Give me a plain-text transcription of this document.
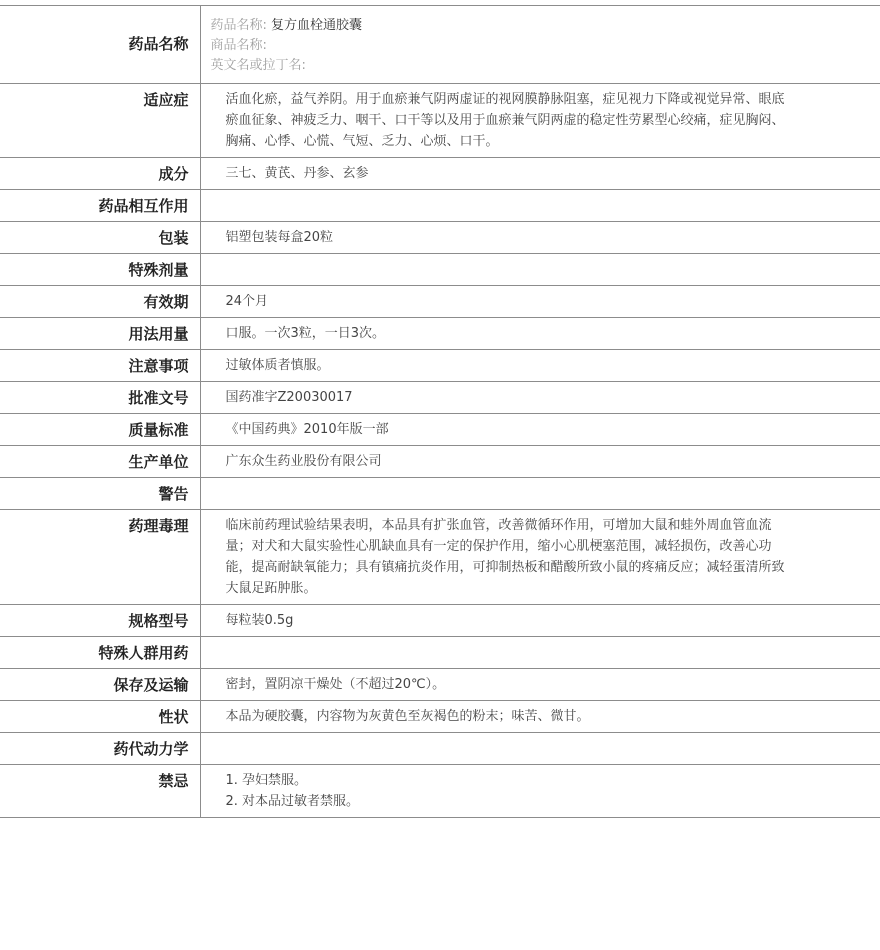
药品名称	药品名称: 复方血栓通胶囊
商品名称:
英文名或拉丁名:

适应症	活血化瘀，益气养阴。用于血瘀兼气阴两虚证的视网膜静脉阻塞，症见视力下降或视觉异常、眼底瘀血征象、神疲乏力、咽干、口干等以及用于血瘀兼气阴两虚的稳定性劳累型心绞痛，症见胸闷、胸痛、心悸、心慌、气短、乏力、心烦、口干。
成分	三七、黄芪、丹参、玄参
药品相互作用	
包装	铝塑包装每盒20粒
特殊剂量	
有效期	24个月
用法用量	口服。一次3粒，一日3次。
注意事项	过敏体质者慎服。
批准文号	国药准字Z20030017
质量标准	《中国药典》2010年版一部
生产单位	广东众生药业股份有限公司
警告	
药理毒理	临床前药理试验结果表明，本品具有扩张血管，改善微循环作用，可增加大鼠和蛙外周血管血流量；对犬和大鼠实验性心肌缺血具有一定的保护作用，缩小心肌梗塞范围，减轻损伤，改善心功能，提高耐缺氧能力；具有镇痛抗炎作用，可抑制热板和醋酸所致小鼠的疼痛反应；减轻蛋清所致大鼠足跖肿胀。
规格型号	每粒装0.5g
特殊人群用药	
保存及运输	密封，置阴凉干燥处（不超过20℃）。
性状	本品为硬胶囊，内容物为灰黄色至灰褐色的粉末；味苦、微甘。
药代动力学	
禁忌	1. 孕妇禁服。
2. 对本品过敏者禁服。
